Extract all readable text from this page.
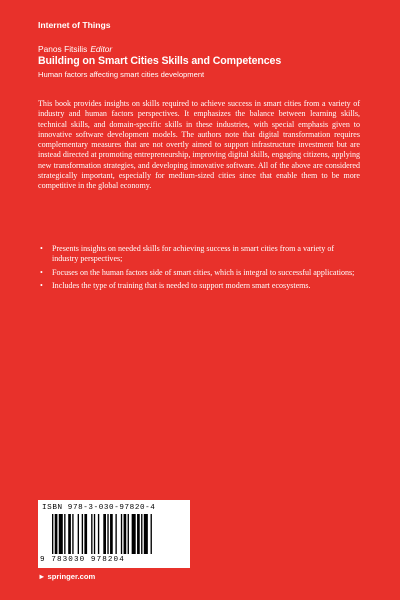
Internet of Things
Panos Fitsilis Editor
Building on Smart Cities Skills and Competences
Human factors affecting smart cities development
This book provides insights on skills required to achieve success in smart cities from a variety of industry and human factors perspectives. It emphasizes the balance between learning skills, technical skills, and domain-specific skills in these industries, with special emphasis given to innovative software development models. The authors note that digital transformation requires complementary measures that are not overtly aimed to support infrastructure investment but are instead directed at promoting entrepreneurship, improving digital skills, engaging citizens, applying new transformation strategies, and developing innovative software. All of the above are considered strategically important, especially for medium-sized cities since that enable them to be more competitive in the global economy.
• Presents insights on needed skills for achieving success in smart cities from a variety of industry perspectives;
• Focuses on the human factors side of smart cities, which is integral to successful applications;
• Includes the type of training that is needed to support modern smart ecosystems.
ISBN 978-3-030-97820-4
9 783030 978204
► springer.com
